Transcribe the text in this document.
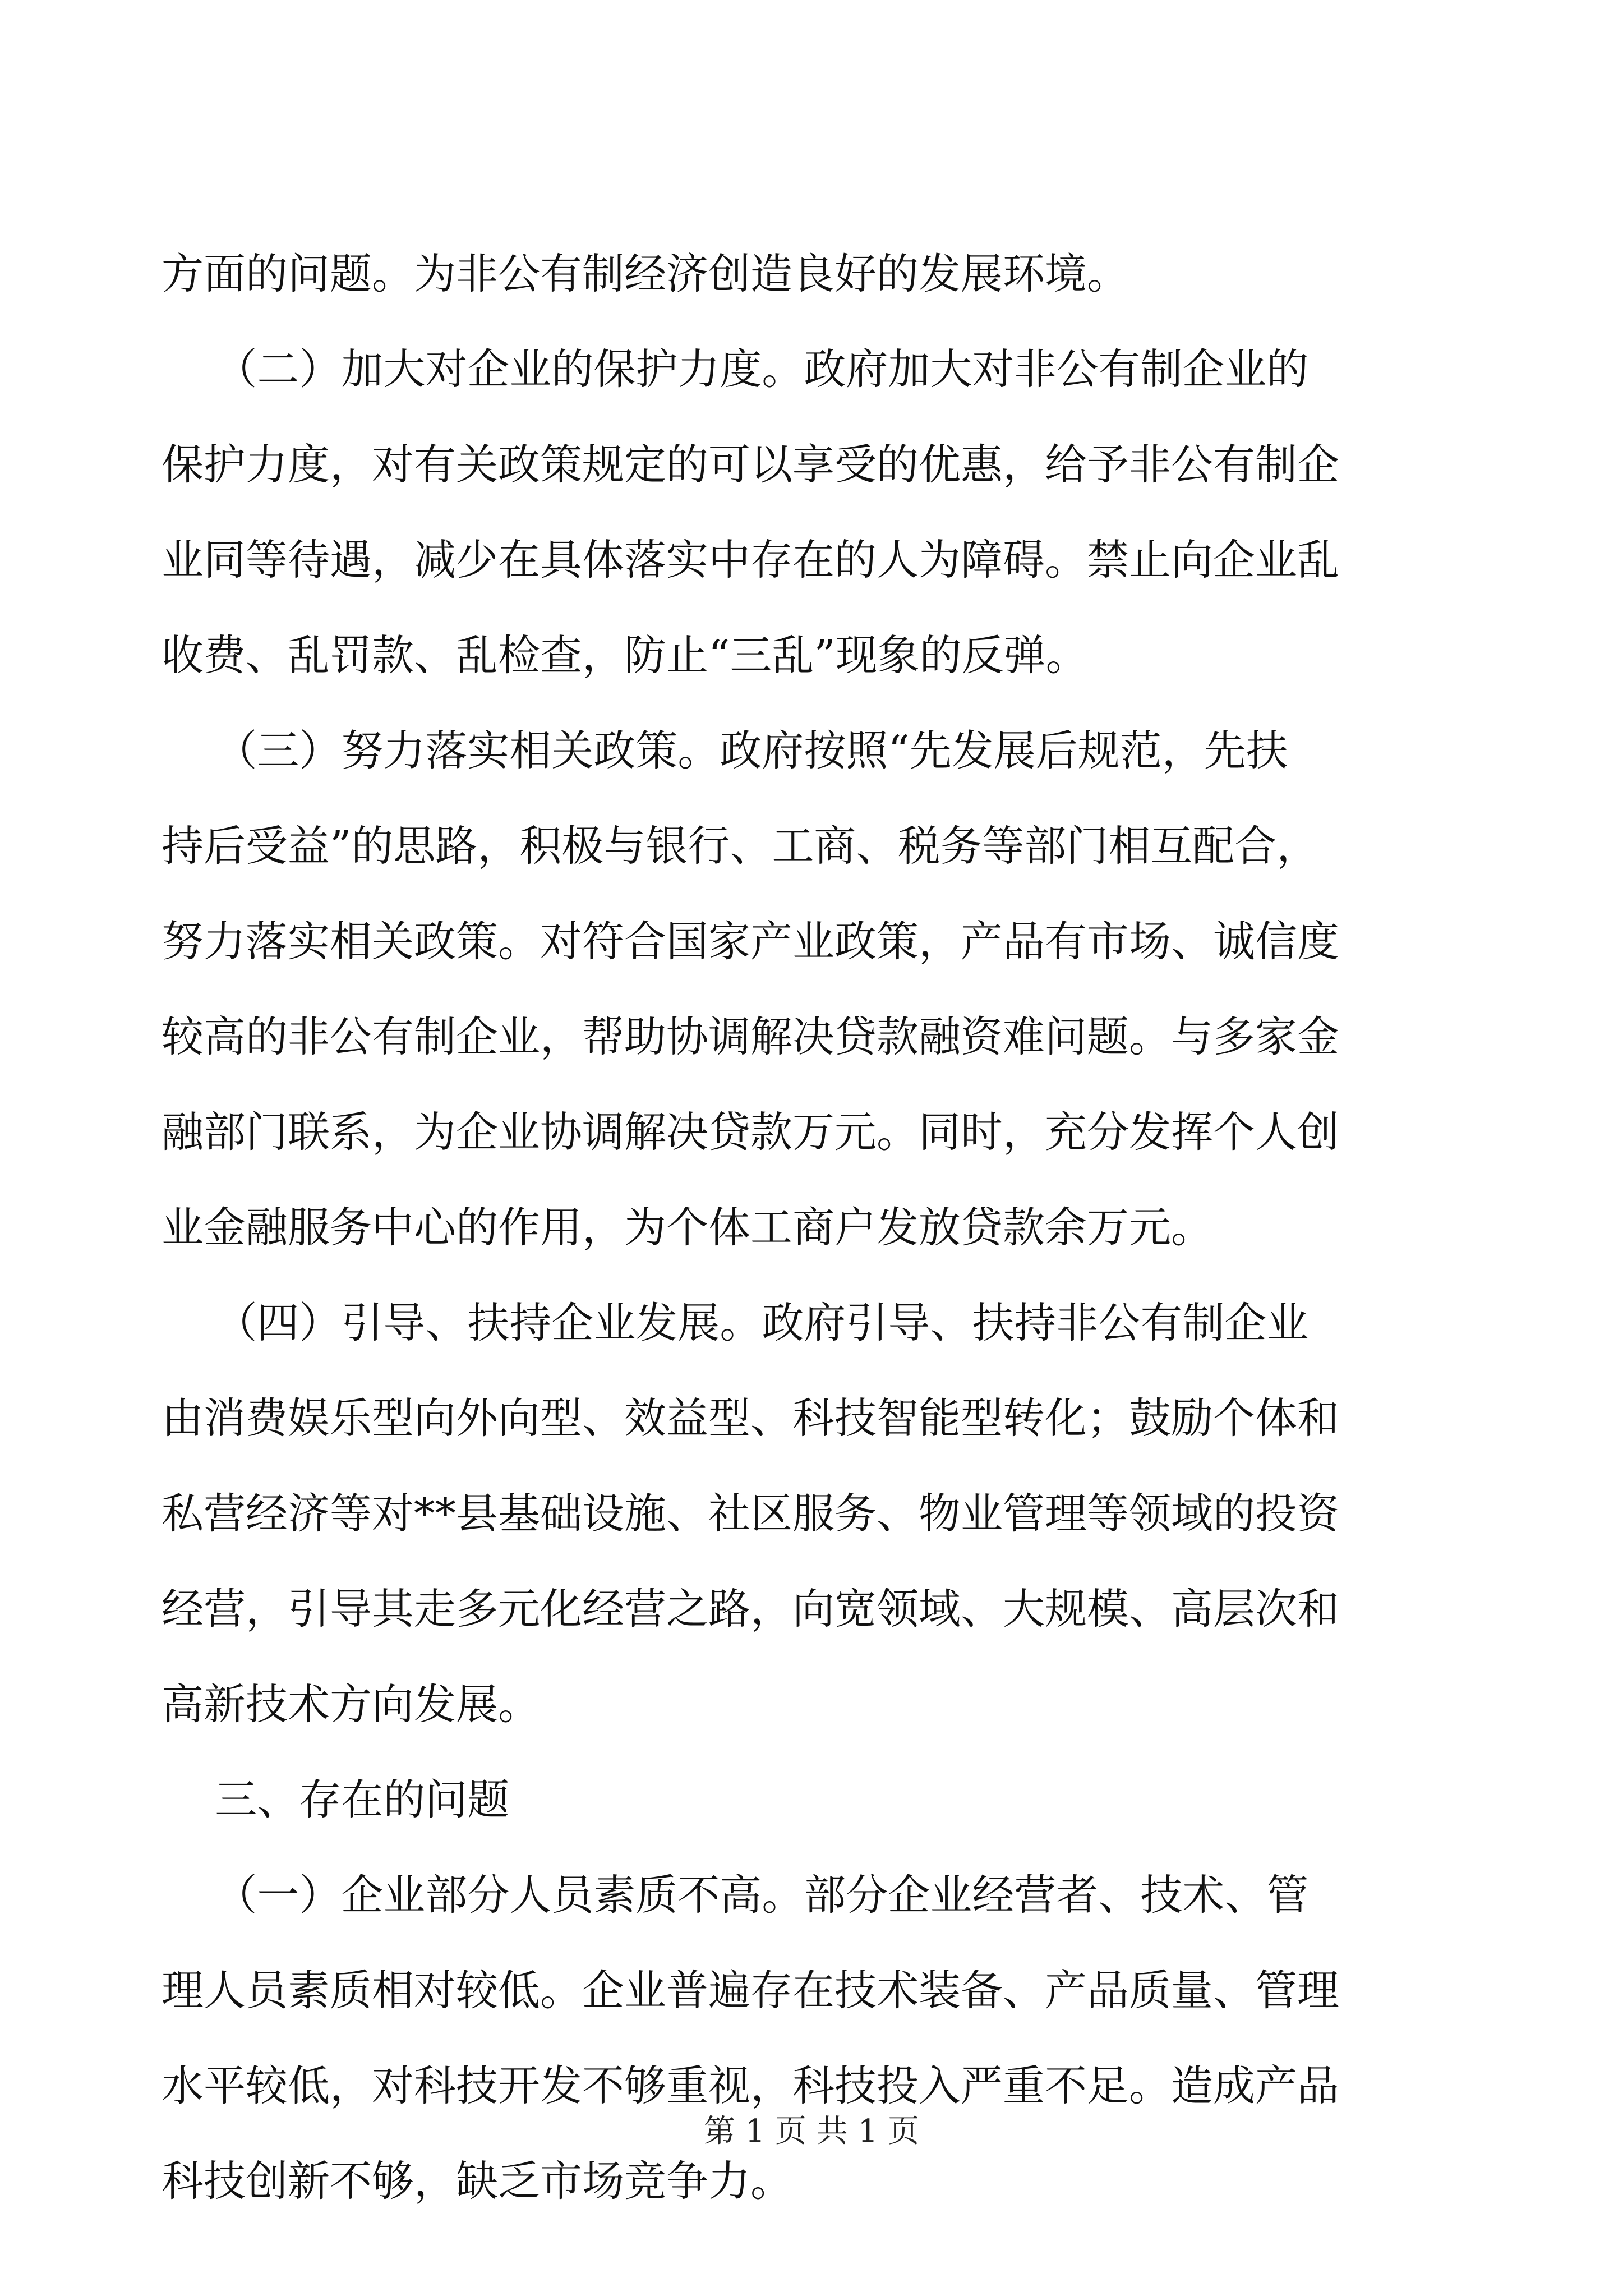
方面的问题。为非公有制经济创造良好的发展环境。
（二）加大对企业的保护力度。政府加大对非公有制企业的
保护力度，对有关政策规定的可以享受的优惠，给予非公有制企
业同等待遇，减少在具体落实中存在的人为障碍。禁止向企业乱
收费、乱罚款、乱检查，防止“三乱”现象的反弹。
（三）努力落实相关政策。政府按照“先发展后规范，先扶
持后受益”的思路，积极与银行、工商、税务等部门相互配合，
努力落实相关政策。对符合国家产业政策，产品有市场、诚信度
较高的非公有制企业，帮助协调解决贷款融资难问题。与多家金
融部门联系，为企业协调解决贷款万元。同时，充分发挥个人创
业金融服务中心的作用，为个体工商户发放贷款余万元。
（四）引导、扶持企业发展。政府引导、扶持非公有制企业
由消费娱乐型向外向型、效益型、科技智能型转化；鼓励个体和
私营经济等对**县基础设施、社区服务、物业管理等领域的投资
经营，引导其走多元化经营之路，向宽领域、大规模、高层次和
高新技术方向发展。
三、存在的问题
（一）企业部分人员素质不高。部分企业经营者、技术、管
理人员素质相对较低。企业普遍存在技术装备、产品质量、管理
水平较低，对科技开发不够重视，科技投入严重不足。造成产品
科技创新不够，缺乏市场竞争力。
第 1 页 共 1 页
